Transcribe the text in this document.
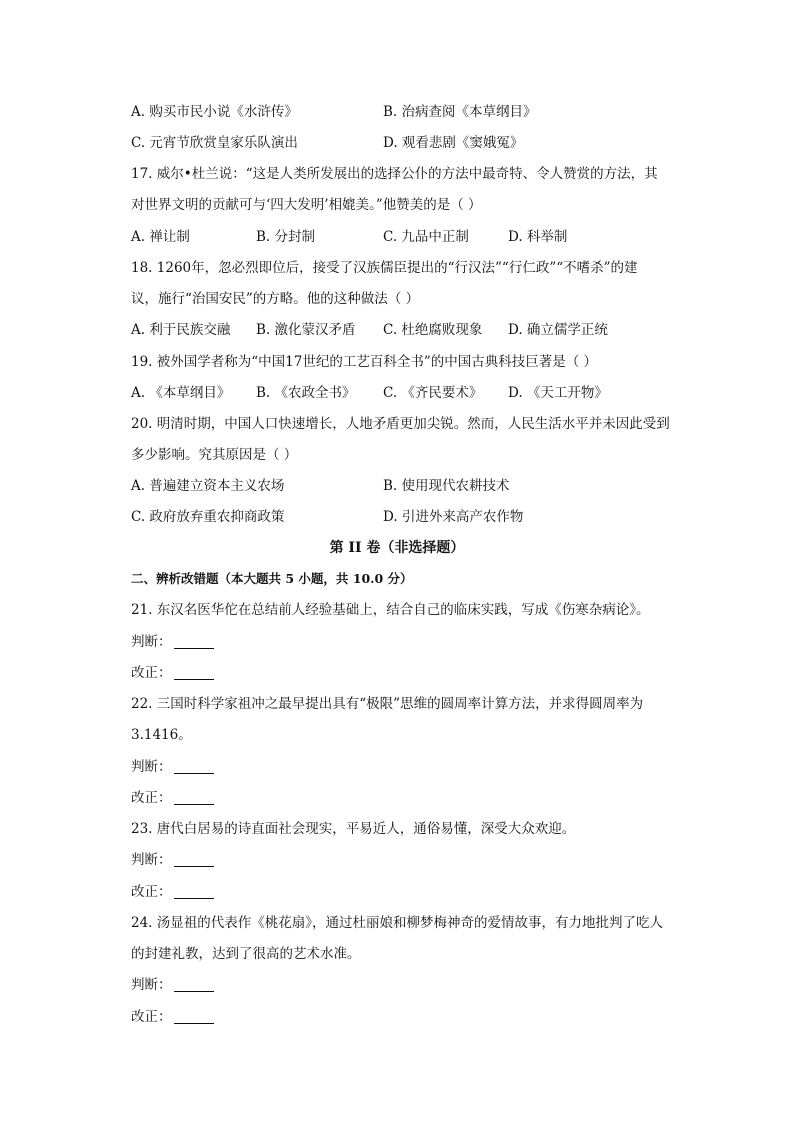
A. 购买市民小说《水浒传》	B. 治病查阅《本草纲目》
C. 元宵节欣赏皇家乐队演出	D. 观看悲剧《窦娥冤》
17. 威尔•杜兰说：“这是人类所发展出的选择公仆的方法中最奇特、令人赞赏的方法，其
对世界文明的贡献可与‘四大发明’相媲美。”他赞美的是（ ）
A. 禅让制	B. 分封制	C. 九品中正制	D. 科举制
18. 1260年，忽必烈即位后，接受了汉族儒臣提出的“行汉法”“行仁政”“不嗜杀”的建
议，施行“治国安民”的方略。他的这种做法（ ）
A. 利于民族交融 B. 激化蒙汉矛盾 C. 杜绝腐败现象 D. 确立儒学正统
19. 被外国学者称为“中国17世纪的工艺百科全书”的中国古典科技巨著是（ ）
A. 《本草纲目》 B. 《农政全书》 C. 《齐民要术》 D. 《天工开物》
20. 明清时期，中国人口快速增长，人地矛盾更加尖锐。然而，人民生活水平并未因此受到
多少影响。究其原因是（ ）
A. 普遍建立资本主义农场	B. 使用现代农耕技术
C. 政府放弃重农抑商政策	D. 引进外来高产农作物
第 II 卷（非选择题）
二、辨析改错题（本大题共 5 小题，共 10.0 分）
21. 东汉名医华佗在总结前人经验基础上，结合自己的临床实践，写成《伤寒杂病论》。
判断：
改正：
22. 三国时科学家祖冲之最早提出具有“极限”思维的圆周率计算方法，并求得圆周率为
3.1416。
判断：
改正：
23. 唐代白居易的诗直面社会现实，平易近人，通俗易懂，深受大众欢迎。
判断：
改正：
24. 汤显祖的代表作《桃花扇》，通过杜丽娘和柳梦梅神奇的爱情故事，有力地批判了吃人
的封建礼教，达到了很高的艺术水准。
判断：
改正：
